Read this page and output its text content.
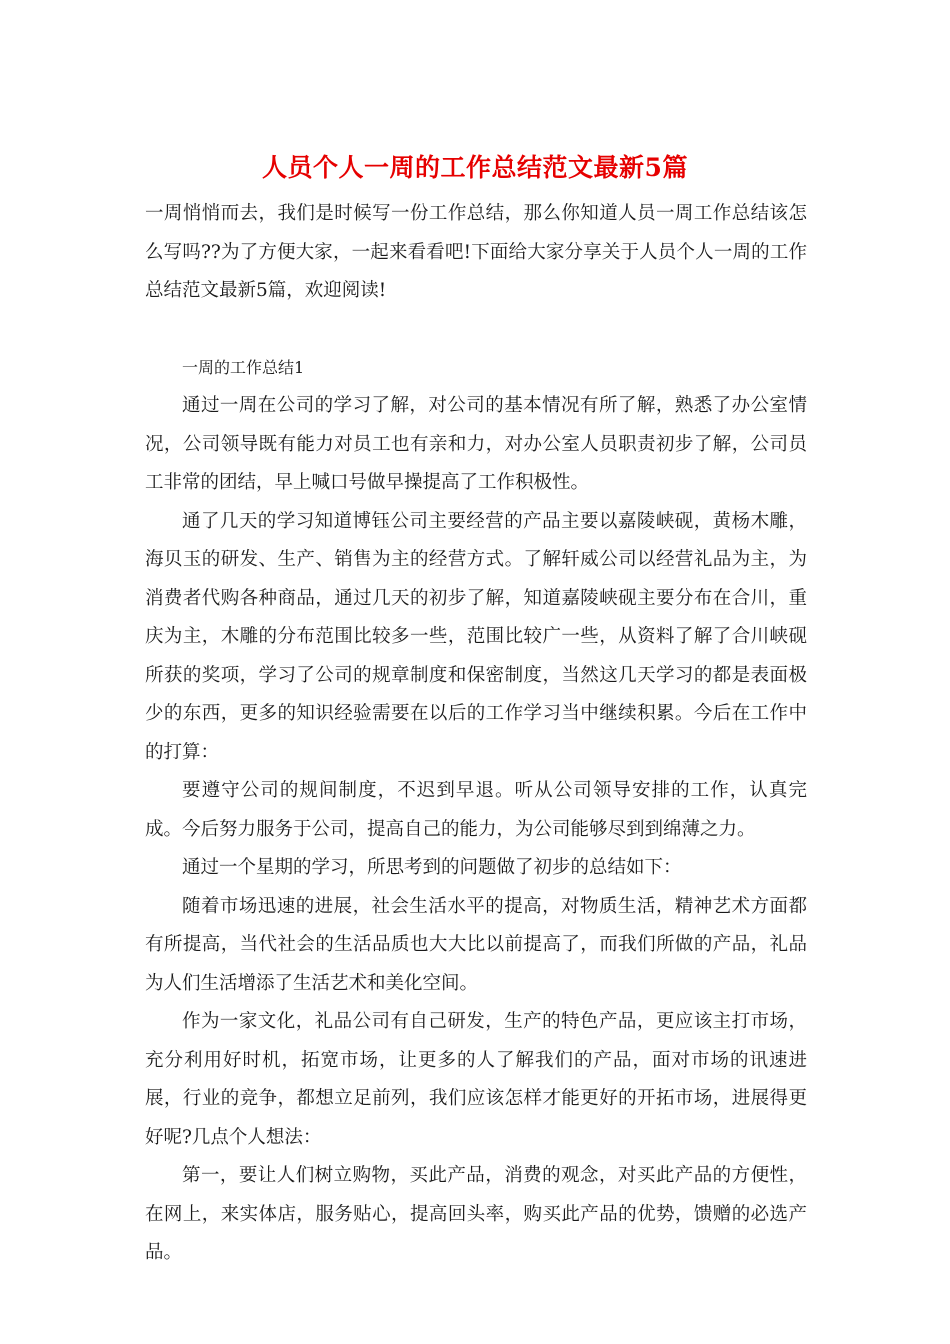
人员个人一周的工作总结范文最新5篇

一周悄悄而去，我们是时候写一份工作总结，那么你知道人员一周工作总结该怎么写吗??为了方便大家，一起来看看吧!下面给大家分享关于人员个人一周的工作总结范文最新5篇，欢迎阅读!

一周的工作总结1

通过一周在公司的学习了解，对公司的基本情况有所了解，熟悉了办公室情况，公司领导既有能力对员工也有亲和力，对办公室人员职责初步了解，公司员工非常的团结，早上喊口号做早操提高了工作积极性。

通了几天的学习知道博钰公司主要经营的产品主要以嘉陵峡砚，黄杨木雕，海贝玉的研发、生产、销售为主的经营方式。了解轩威公司以经营礼品为主，为消费者代购各种商品，通过几天的初步了解，知道嘉陵峡砚主要分布在合川，重庆为主，木雕的分布范围比较多一些，范围比较广一些，从资料了解了合川峡砚所获的奖项，学习了公司的规章制度和保密制度，当然这几天学习的都是表面极少的东西，更多的知识经验需要在以后的工作学习当中继续积累。今后在工作中的打算：

要遵守公司的规间制度，不迟到早退。听从公司领导安排的工作，认真完成。今后努力服务于公司，提高自己的能力，为公司能够尽到到绵薄之力。

通过一个星期的学习，所思考到的问题做了初步的总结如下：

随着市场迅速的进展，社会生活水平的提高，对物质生活，精神艺术方面都有所提高，当代社会的生活品质也大大比以前提高了，而我们所做的产品，礼品为人们生活增添了生活艺术和美化空间。

作为一家文化，礼品公司有自己研发，生产的特色产品，更应该主打市场，充分利用好时机，拓宽市场，让更多的人了解我们的产品，面对市场的讯速进展，行业的竞争，都想立足前列，我们应该怎样才能更好的开拓市场，进展得更好呢?几点个人想法：

第一，要让人们树立购物，买此产品，消费的观念，对买此产品的方便性，在网上，来实体店，服务贴心，提高回头率，购买此产品的优势，馈赠的必选产品。
